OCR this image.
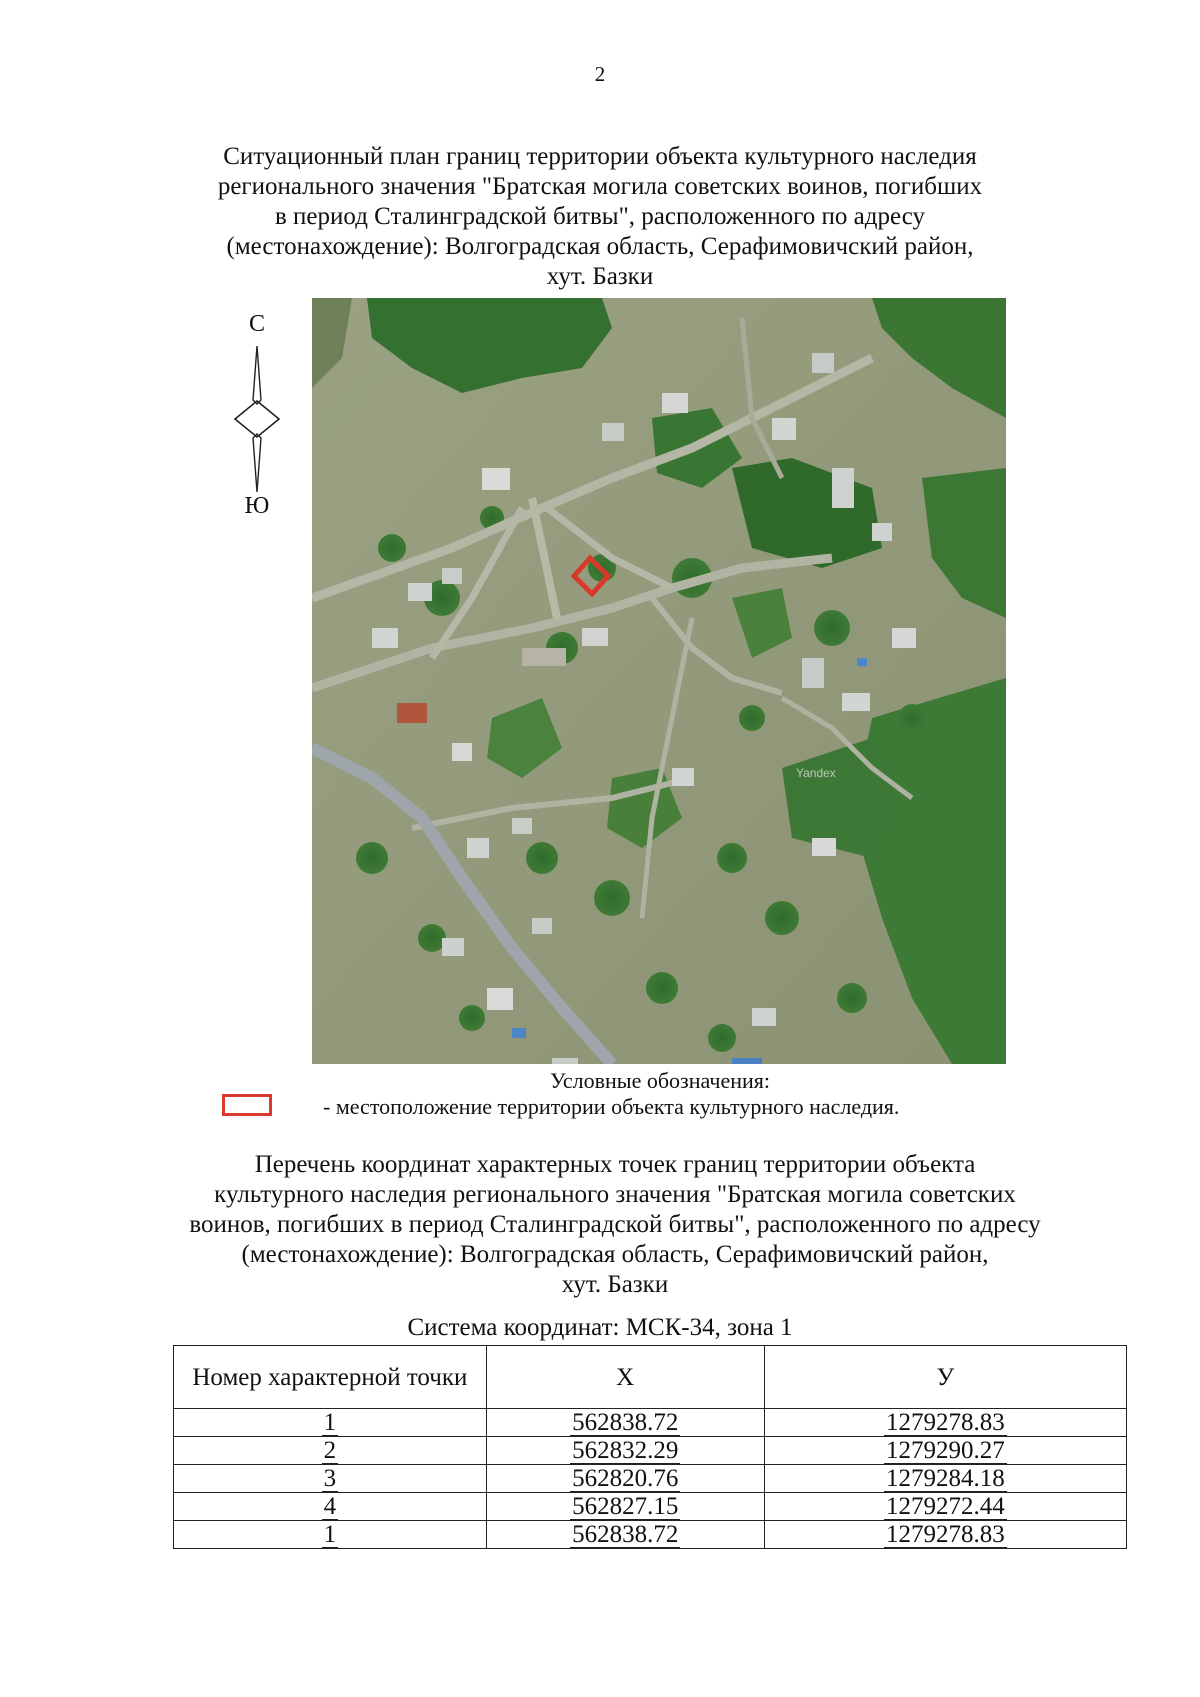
2
Ситуационный план границ территории объекта культурного наследия
регионального значения "Братская могила советских воинов, погибших
в период Сталинградской битвы", расположенного по адресу
(местонахождение): Волгоградская область, Серафимовичский район,
хут. Базки
С
Ю
Yandex
Условные обозначения:
- местоположение территории объекта культурного наследия.
Перечень координат характерных точек границ территории объекта
культурного наследия регионального значения "Братская могила советских
воинов, погибших в период Сталинградской битвы", расположенного по адресу
(местонахождение): Волгоградская область, Серафимовичский район,
хут. Базки
Система координат: МСК-34, зона 1
Номер характерной точки	X	У
1	562838.72	1279278.83
2	562832.29	1279290.27
3	562820.76	1279284.18
4	562827.15	1279272.44
1	562838.72	1279278.83
